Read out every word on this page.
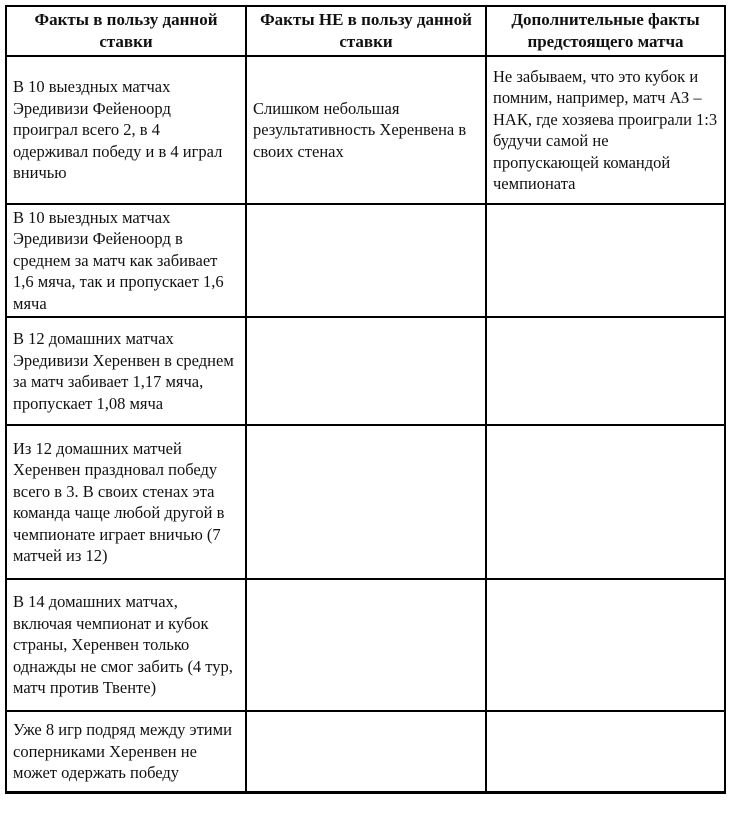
Факты в пользу данной ставки	Факты НЕ в пользу данной ставки	Дополнительные факты предстоящего матча
В 10 выездных матчах Эредивизи Фейеноорд проиграл всего 2, в 4 одерживал победу и в 4 играл вничью	Слишком небольшая результативность Херенвена в своих стенах	Не забываем, что это кубок и помним, например, матч АЗ – НАК, где хозяева проиграли 1:3 будучи самой не пропускающей командой чемпионата
В 10 выездных матчах Эредивизи Фейеноорд в среднем за матч как забивает 1,6 мяча, так и пропускает 1,6 мяча		
В 12 домашних матчах Эредивизи Херенвен в среднем за матч забивает 1,17 мяча, пропускает 1,08 мяча		
Из 12 домашних матчей Херенвен праздновал победу всего в 3. В своих стенах эта команда чаще любой другой в чемпионате играет вничью (7 матчей из 12)		
В 14 домашних матчах, включая чемпионат и кубок страны, Херенвен только однажды не смог забить (4 тур, матч против Твенте)		
Уже 8 игр подряд между этими соперниками Херенвен не может одержать победу		
